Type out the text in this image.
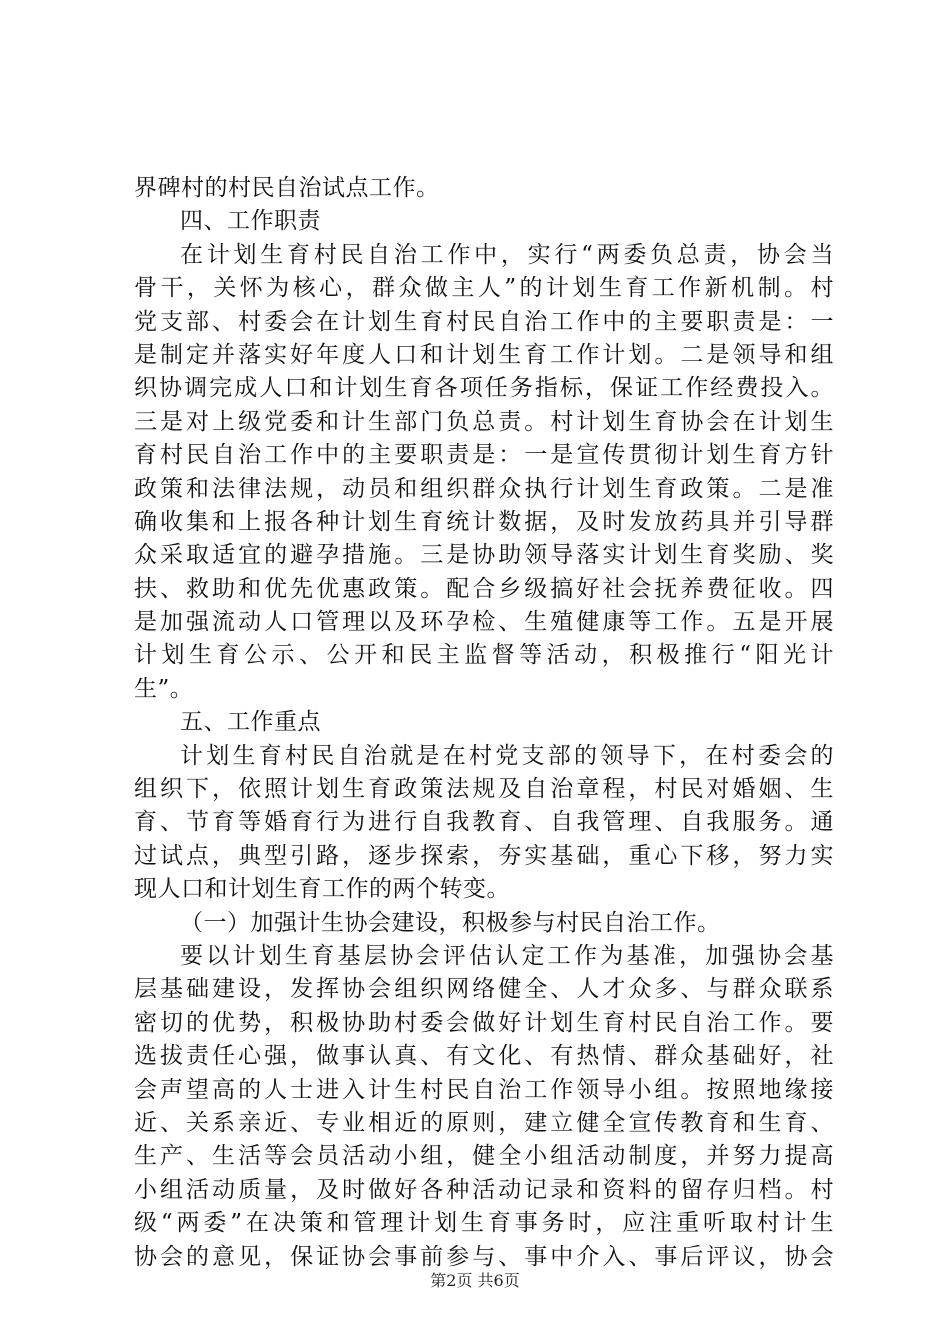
界碑村的村民自治试点工作。
四、工作职责
在计划生育村民自治工作中，实行“两委负总责，协会当
骨干，关怀为核心，群众做主人”的计划生育工作新机制。村
党支部、村委会在计划生育村民自治工作中的主要职责是：一
是制定并落实好年度人口和计划生育工作计划。二是领导和组
织协调完成人口和计划生育各项任务指标，保证工作经费投入。
三是对上级党委和计生部门负总责。村计划生育协会在计划生
育村民自治工作中的主要职责是：一是宣传贯彻计划生育方针
政策和法律法规，动员和组织群众执行计划生育政策。二是准
确收集和上报各种计划生育统计数据，及时发放药具并引导群
众采取适宜的避孕措施。三是协助领导落实计划生育奖励、奖
扶、救助和优先优惠政策。配合乡级搞好社会抚养费征收。四
是加强流动人口管理以及环孕检、生殖健康等工作。五是开展
计划生育公示、公开和民主监督等活动，积极推行“阳光计
生”。
五、工作重点
计划生育村民自治就是在村党支部的领导下，在村委会的
组织下，依照计划生育政策法规及自治章程，村民对婚姻、生
育、节育等婚育行为进行自我教育、自我管理、自我服务。通
过试点，典型引路，逐步探索，夯实基础，重心下移，努力实
现人口和计划生育工作的两个转变。
（一）加强计生协会建设，积极参与村民自治工作。
要以计划生育基层协会评估认定工作为基准，加强协会基
层基础建设，发挥协会组织网络健全、人才众多、与群众联系
密切的优势，积极协助村委会做好计划生育村民自治工作。要
选拔责任心强，做事认真、有文化、有热情、群众基础好，社
会声望高的人士进入计生村民自治工作领导小组。按照地缘接
近、关系亲近、专业相近的原则，建立健全宣传教育和生育、
生产、生活等会员活动小组，健全小组活动制度，并努力提高
小组活动质量，及时做好各种活动记录和资料的留存归档。村
级“两委”在决策和管理计划生育事务时，应注重听取村计生
协会的意见，保证协会事前参与、事中介入、事后评议，协会
第2页 共6页
